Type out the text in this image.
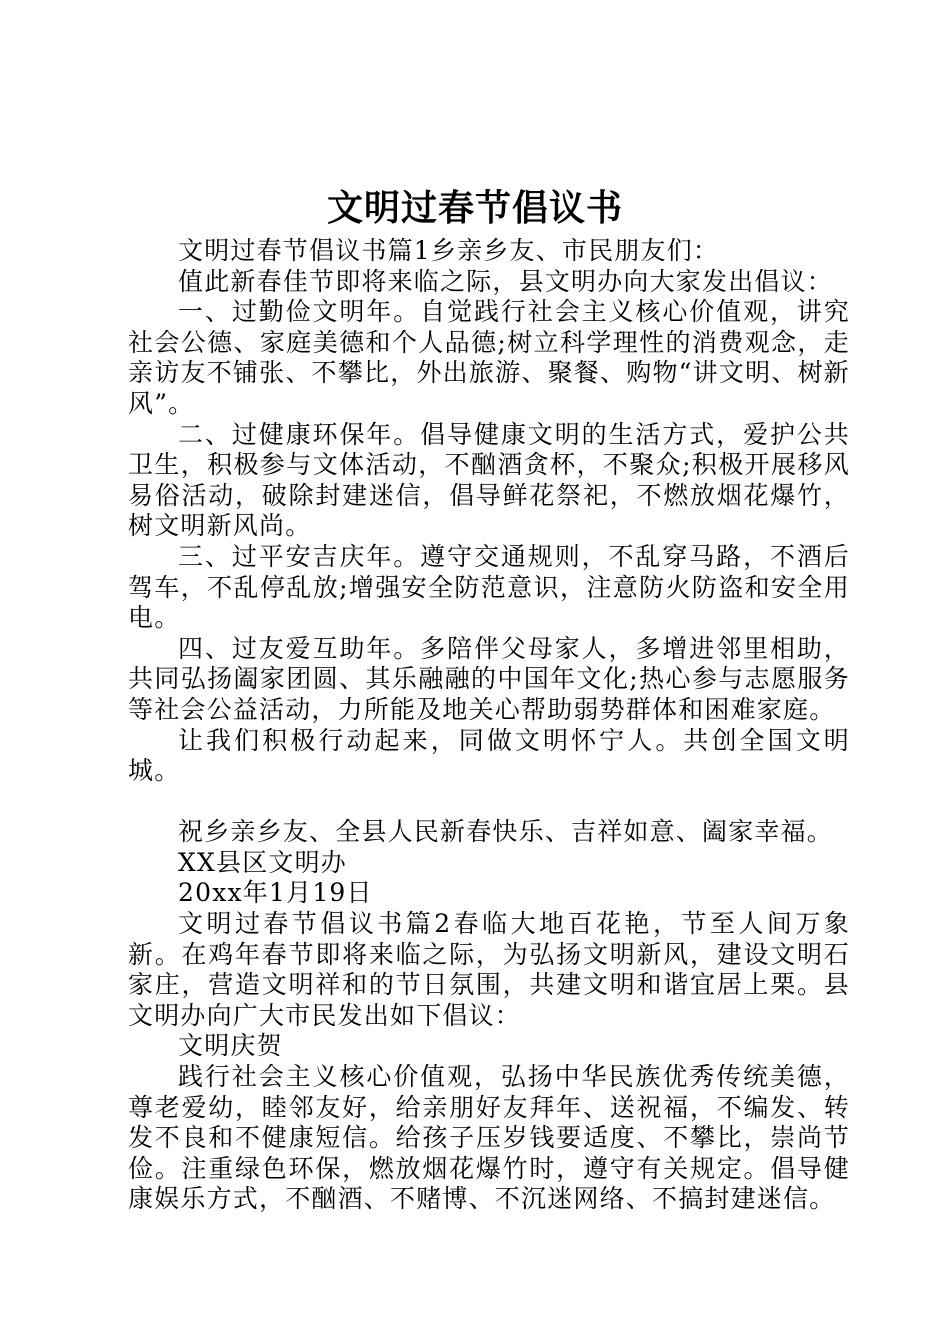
文明过春节倡议书

文明过春节倡议书篇1乡亲乡友、市民朋友们：

值此新春佳节即将来临之际，县文明办向大家发出倡议：

一、过勤俭文明年。自觉践行社会主义核心价值观，讲究社会公德、家庭美德和个人品德;树立科学理性的消费观念，走亲访友不铺张、不攀比，外出旅游、聚餐、购物“讲文明、树新风”。

二、过健康环保年。倡导健康文明的生活方式，爱护公共卫生，积极参与文体活动，不酗酒贪杯，不聚众;积极开展移风易俗活动，破除封建迷信，倡导鲜花祭祀，不燃放烟花爆竹，树文明新风尚。

三、过平安吉庆年。遵守交通规则，不乱穿马路，不酒后驾车，不乱停乱放;增强安全防范意识，注意防火防盗和安全用电。

四、过友爱互助年。多陪伴父母家人，多增进邻里相助，共同弘扬阖家团圆、其乐融融的中国年文化;热心参与志愿服务等社会公益活动，力所能及地关心帮助弱势群体和困难家庭。

让我们积极行动起来，同做文明怀宁人。共创全国文明城。

祝乡亲乡友、全县人民新春快乐、吉祥如意、阖家幸福。

XX县区文明办

20xx年1月19日

文明过春节倡议书篇2春临大地百花艳，节至人间万象新。在鸡年春节即将来临之际，为弘扬文明新风，建设文明石家庄，营造文明祥和的节日氛围，共建文明和谐宜居上栗。县文明办向广大市民发出如下倡议：

文明庆贺

践行社会主义核心价值观，弘扬中华民族优秀传统美德，尊老爱幼，睦邻友好，给亲朋好友拜年、送祝福，不编发、转发不良和不健康短信。给孩子压岁钱要适度、不攀比，崇尚节俭。注重绿色环保，燃放烟花爆竹时，遵守有关规定。倡导健康娱乐方式，不酗酒、不赌博、不沉迷网络、不搞封建迷信。
